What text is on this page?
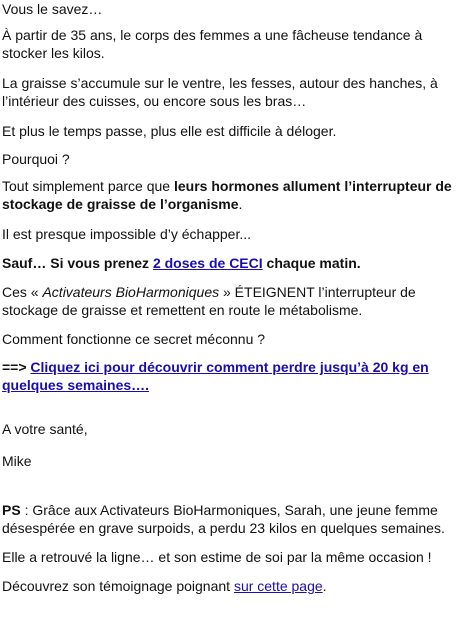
Vous le savez…

À partir de 35 ans, le corps des femmes a une fâcheuse tendance à stocker les kilos.

La graisse s’accumule sur le ventre, les fesses, autour des hanches, à l’intérieur des cuisses, ou encore sous les bras…

Et plus le temps passe, plus elle est difficile à déloger.

Pourquoi ?

Tout simplement parce que leurs hormones allument l’interrupteur de stockage de graisse de l’organisme.

Il est presque impossible d’y échapper...

Sauf… Si vous prenez 2 doses de CECI chaque matin.

Ces « Activateurs BioHarmoniques » ÉTEIGNENT l’interrupteur de stockage de graisse et remettent en route le métabolisme.

Comment fonctionne ce secret méconnu ?

==> Cliquez ici pour découvrir comment perdre jusqu’à 20 kg en quelques semaines….

A votre santé,

Mike

PS : Grâce aux Activateurs BioHarmoniques, Sarah, une jeune femme désespérée en grave surpoids, a perdu 23 kilos en quelques semaines.

Elle a retrouvé la ligne… et son estime de soi par la même occasion !

Découvrez son témoignage poignant sur cette page.
